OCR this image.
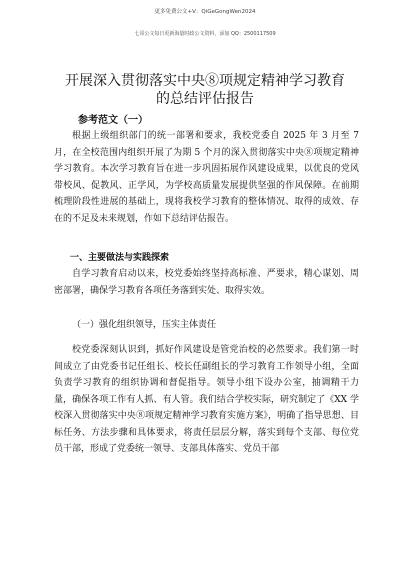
更多免费公文+V：QiGeGongWen2024
七哥公文每日更新海量时政公文资料，添加 QQ：2500117509
开展深入贯彻落实中央⑧项规定精神学习教育
的总结评估报告
参考范文（一）

根据上级组织部门的统一部署和要求，我校党委自 2025 年 3 月至 7 月，在全校范围内组织开展了为期 5 个月的深入贯彻落实中央⑧项规定精神学习教育。本次学习教育旨在进一步巩固拓展作风建设成果，以优良的党风带校风、促教风、正学风，为学校高质量发展提供坚强的作风保障。在前期梳理阶段性进展的基础上，现将我校学习教育的整体情况、取得的成效、存在的不足及未来规划，作如下总结评估报告。

一、主要做法与实践探索

自学习教育启动以来，校党委始终坚持高标准、严要求，精心谋划、周密部署，确保学习教育各项任务落到实处、取得实效。

（一）强化组织领导，压实主体责任

校党委深刻认识到，抓好作风建设是管党治校的必然要求。我们第一时间成立了由党委书记任组长、校长任副组长的学习教育工作领导小组，全面负责学习教育的组织协调和督促指导。领导小组下设办公室，抽调精干力量，确保各项工作有人抓、有人管。我们结合学校实际，研究制定了《XX 学校深入贯彻落实中央⑧项规定精神学习教育实施方案》，明确了指导思想、目标任务、方法步骤和具体要求，将责任层层分解，落实到每个支部、每位党员干部，形成了党委统一领导、支部具体落实、党员干部
